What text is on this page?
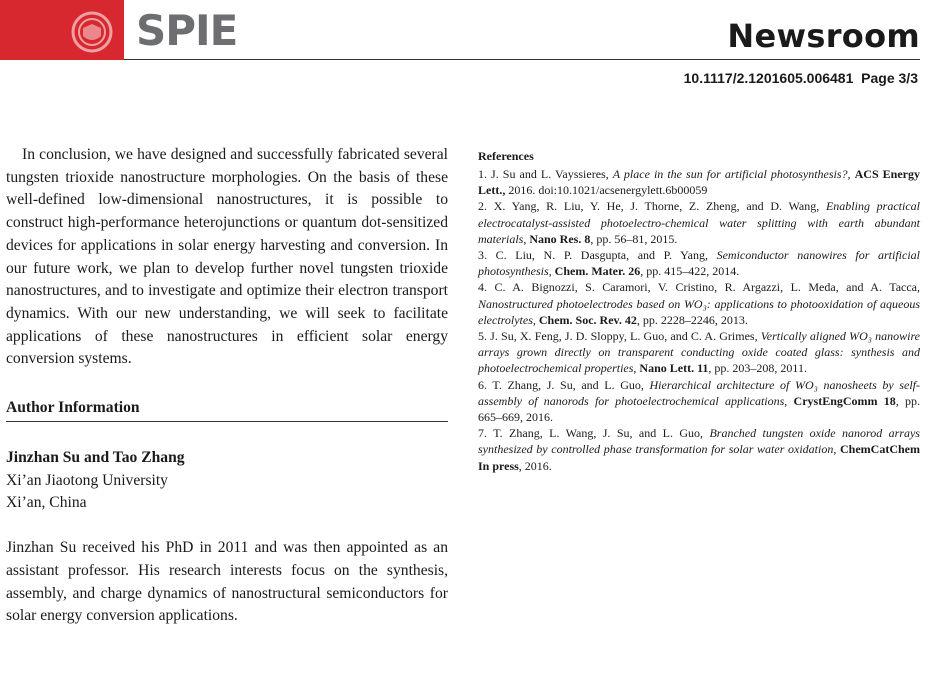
SPIE	Newsroom
10.1117/2.1201605.006481 Page 3/3

In conclusion, we have designed and successfully fabricated several tungsten trioxide nanostructure morphologies. On the basis of these well-defined low-dimensional nanostructures, it is possible to construct high-performance heterojunctions or quantum dot-sensitized devices for applications in solar energy harvesting and conversion. In our future work, we plan to develop further novel tungsten trioxide nanostructures, and to investigate and optimize their electron transport dynamics. With our new understanding, we will seek to facilitate applications of these nanostructures in efficient solar energy conversion systems.

Author Information
Jinzhan Su and Tao Zhang
Xi’an Jiaotong University
Xi’an, China

Jinzhan Su received his PhD in 2011 and was then appointed as an assistant professor. His research interests focus on the synthesis, assembly, and charge dynamics of nanostructural semiconductors for solar energy conversion applications.

References

1. J. Su and L. Vayssieres, A place in the sun for artificial photosynthesis?, ACS Energy Lett., 2016. doi:10.1021/acsenergylett.6b00059

2. X. Yang, R. Liu, Y. He, J. Thorne, Z. Zheng, and D. Wang, Enabling practical electrocatalyst-assisted photoelectro-chemical water splitting with earth abundant materials, Nano Res. 8, pp. 56–81, 2015.

3. C. Liu, N. P. Dasgupta, and P. Yang, Semiconductor nanowires for artificial photosynthesis, Chem. Mater. 26, pp. 415–422, 2014.

4. C. A. Bignozzi, S. Caramori, V. Cristino, R. Argazzi, L. Meda, and A. Tacca, Nanostructured photoelectrodes based on WO₃: applications to photooxidation of aqueous electrolytes, Chem. Soc. Rev. 42, pp. 2228–2246, 2013.

5. J. Su, X. Feng, J. D. Sloppy, L. Guo, and C. A. Grimes, Vertically aligned WO₃ nanowire arrays grown directly on transparent conducting oxide coated glass: synthesis and photoelectrochemical properties, Nano Lett. 11, pp. 203–208, 2011.

6. T. Zhang, J. Su, and L. Guo, Hierarchical architecture of WO₃ nanosheets by self-assembly of nanorods for photoelectrochemical applications, CrystEngComm 18, pp. 665–669, 2016.

7. T. Zhang, L. Wang, J. Su, and L. Guo, Branched tungsten oxide nanorod arrays synthesized by controlled phase transformation for solar water oxidation, ChemCatChem In press, 2016.
